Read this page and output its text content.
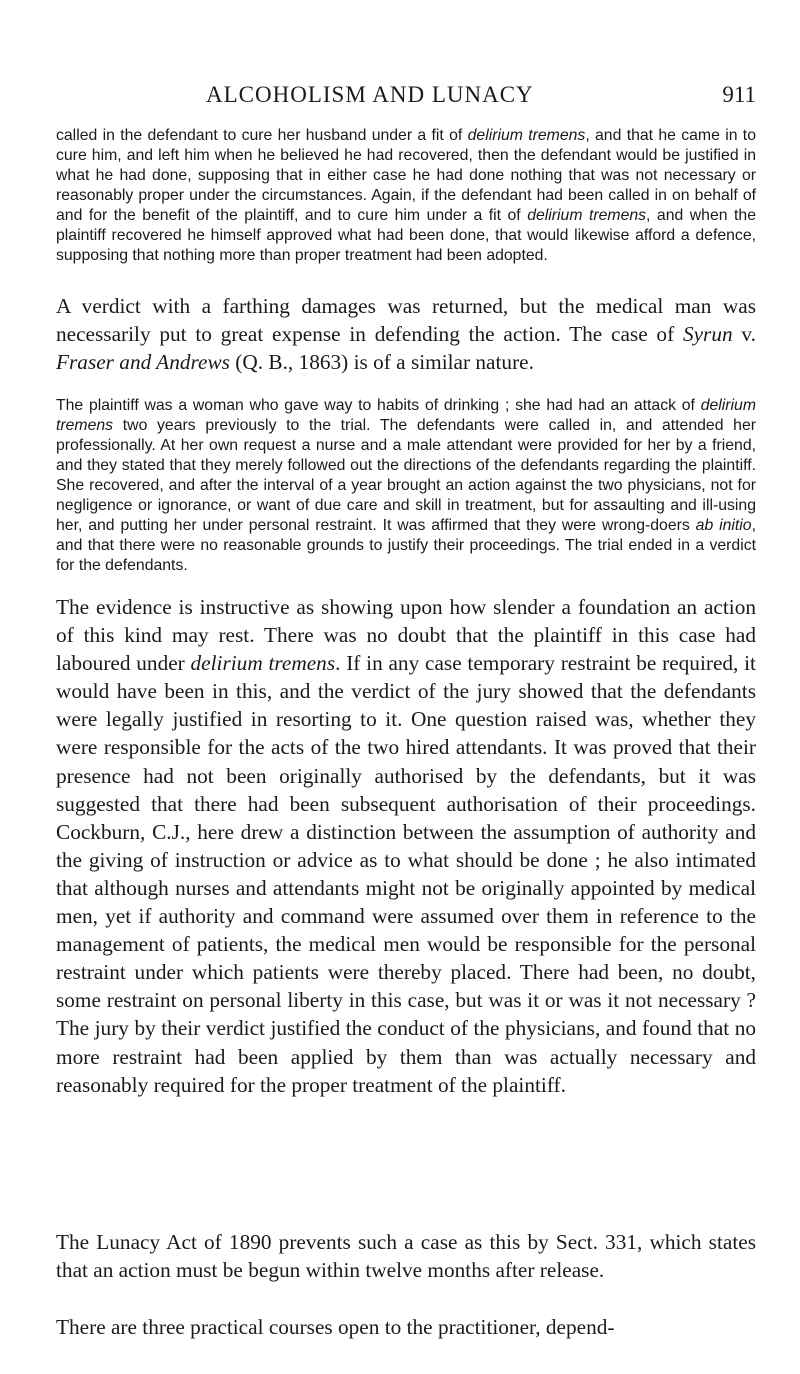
ALCOHOLISM AND LUNACY	911

called in the defendant to cure her husband under a fit of delirium tremens, and that he came in to cure him, and left him when he believed he had recovered, then the defendant would be justified in what he had done, supposing that in either case he had done nothing that was not necessary or reasonably proper under the circumstances. Again, if the defendant had been called in on behalf of and for the benefit of the plaintiff, and to cure him under a fit of delirium tremens, and when the plaintiff recovered he himself approved what had been done, that would likewise afford a defence, supposing that nothing more than proper treatment had been adopted.

A verdict with a farthing damages was returned, but the medical man was necessarily put to great expense in defending the action. The case of Syrun v. Fraser and Andrews (Q. B., 1863) is of a similar nature.

The plaintiff was a woman who gave way to habits of drinking ; she had had an attack of delirium tremens two years previously to the trial. The defendants were called in, and attended her professionally. At her own request a nurse and a male attendant were provided for her by a friend, and they stated that they merely followed out the directions of the defendants regarding the plaintiff. She recovered, and after the interval of a year brought an action against the two physicians, not for negligence or ignorance, or want of due care and skill in treatment, but for assaulting and ill-using her, and putting her under personal restraint. It was affirmed that they were wrong-doers ab initio, and that there were no reasonable grounds to justify their proceedings. The trial ended in a verdict for the defendants.

The evidence is instructive as showing upon how slender a foundation an action of this kind may rest. There was no doubt that the plaintiff in this case had laboured under delirium tremens. If in any case temporary restraint be required, it would have been in this, and the verdict of the jury showed that the defendants were legally justified in resorting to it. One question raised was, whether they were responsible for the acts of the two hired attendants. It was proved that their presence had not been originally authorised by the defendants, but it was suggested that there had been subsequent authorisation of their proceedings. Cockburn, C.J., here drew a distinction between the assumption of authority and the giving of instruction or advice as to what should be done ; he also intimated that although nurses and attendants might not be originally appointed by medical men, yet if authority and command were assumed over them in reference to the management of patients, the medical men would be responsible for the personal restraint under which patients were thereby placed. There had been, no doubt, some restraint on personal liberty in this case, but was it or was it not necessary ? The jury by their verdict justified the conduct of the physicians, and found that no more restraint had been applied by them than was actually necessary and reasonably required for the proper treatment of the plaintiff.

The Lunacy Act of 1890 prevents such a case as this by Sect. 331, which states that an action must be begun within twelve months after release.

There are three practical courses open to the practitioner, depend-
